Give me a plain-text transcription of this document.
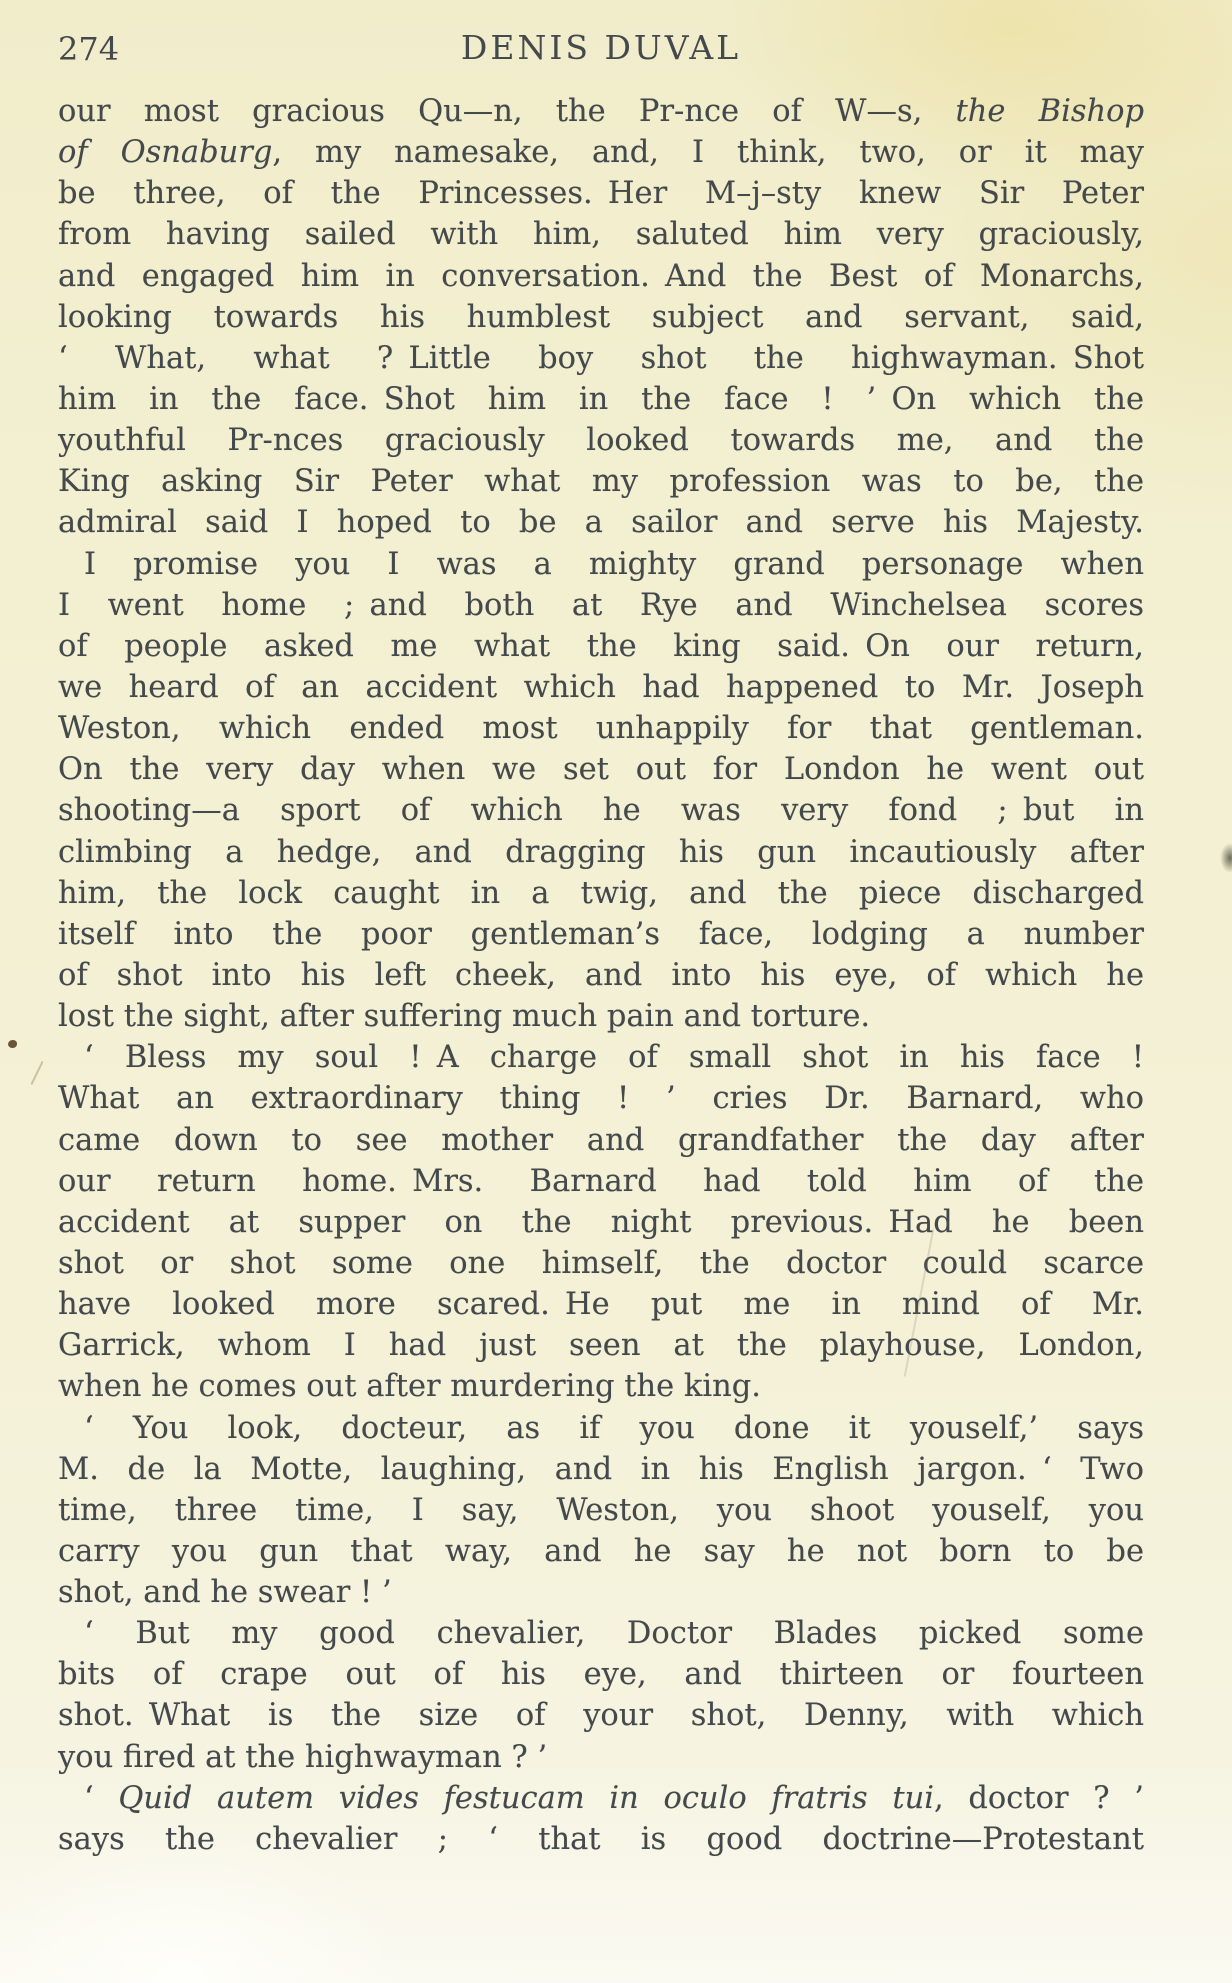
274	DENIS DUVAL
our most gracious Qu—n, the Pr-nce of W—s, the Bishop
of Osnaburg, my namesake, and, I think, two, or it may
be three, of the Princesses. Her M–j–sty knew Sir Peter
from having sailed with him, saluted him very graciously,
and engaged him in conversation. And the Best of Monarchs,
looking towards his humblest subject and servant, said,
‘ What, what ? Little boy shot the highwayman. Shot
him in the face. Shot him in the face ! ’ On which the
youthful Pr-nces graciously looked towards me, and the
King asking Sir Peter what my profession was to be, the
admiral said I hoped to be a sailor and serve his Majesty.
I promise you I was a mighty grand personage when
I went home ; and both at Rye and Winchelsea scores
of people asked me what the king said. On our return,
we heard of an accident which had happened to Mr. Joseph
Weston, which ended most unhappily for that gentleman.
On the very day when we set out for London he went out
shooting—a sport of which he was very fond ; but in
climbing a hedge, and dragging his gun incautiously after
him, the lock caught in a twig, and the piece discharged
itself into the poor gentleman’s face, lodging a number
of shot into his left cheek, and into his eye, of which he
lost the sight, after suffering much pain and torture.
‘ Bless my soul ! A charge of small shot in his face !
What an extraordinary thing ! ’ cries Dr. Barnard, who
came down to see mother and grandfather the day after
our return home. Mrs. Barnard had told him of the
accident at supper on the night previous. Had he been
shot or shot some one himself, the doctor could scarce
have looked more scared. He put me in mind of Mr.
Garrick, whom I had just seen at the playhouse, London,
when he comes out after murdering the king.
‘ You look, docteur, as if you done it youself,’ says
M. de la Motte, laughing, and in his English jargon. ‘ Two
time, three time, I say, Weston, you shoot youself, you
carry you gun that way, and he say he not born to be
shot, and he swear ! ’
‘ But my good chevalier, Doctor Blades picked some
bits of crape out of his eye, and thirteen or fourteen
shot. What is the size of your shot, Denny, with which
you fired at the highwayman ? ’
‘ Quid autem vides festucam in oculo fratris tui, doctor ? ’
says the chevalier ; ‘ that is good doctrine—Protestant
